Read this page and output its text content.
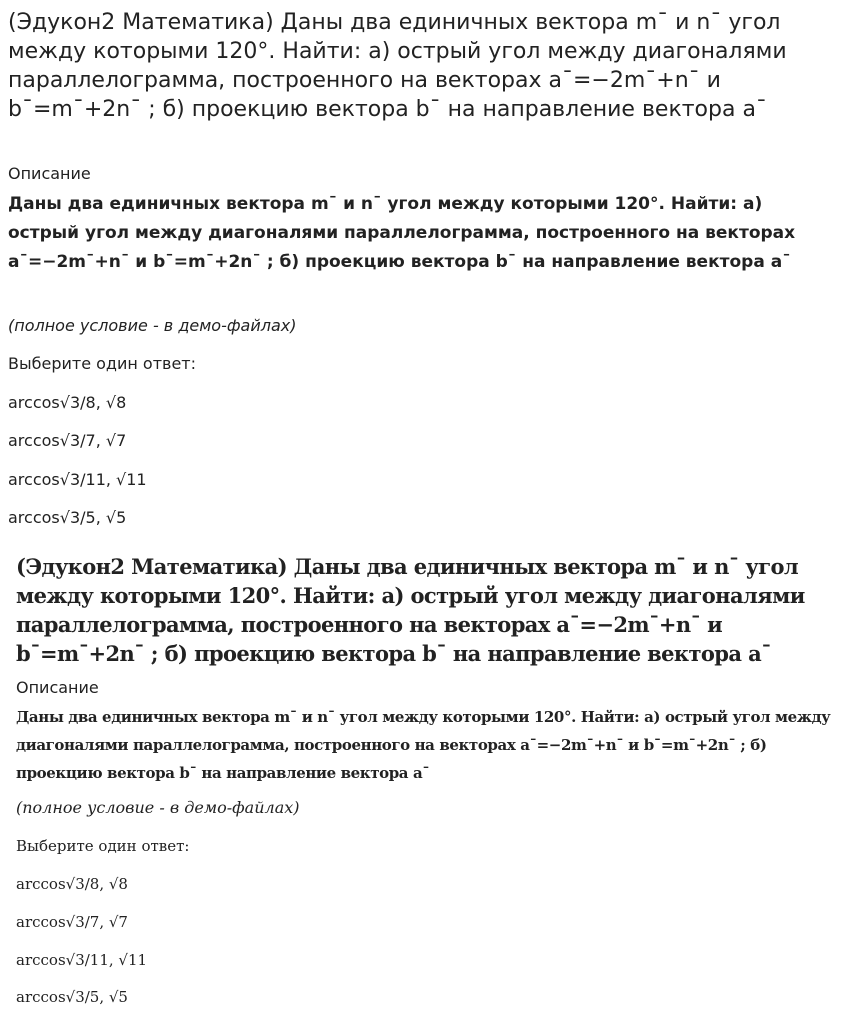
(Эдукон2 Математика) Даны два единичных вектора m¯ и n¯ угол между которыми 120°. Найти: а) острый угол между диагоналями параллелограмма, построенного на векторах a¯=−2m¯+n¯ и b¯=m¯+2n¯ ; б) проекцию вектора b¯ на направление вектора a¯
Описание

Даны два единичных вектора m¯ и n¯ угол между которыми 120°. Найти: а) острый угол между диагоналями параллелограмма, построенного на векторах a¯=−2m¯+n¯ и b¯=m¯+2n¯ ; б) проекцию вектора b¯ на направление вектора a¯

(полное условие - в демо-файлах)
Выберите один ответ:
arccos√3/8, √8
arccos√3/7, √7
arccos√3/11, √11
arccos√3/5, √5
(Эдукон2 Математика) Даны два единичных вектора m¯ и n¯ угол между которыми 120°. Найти: а) острый угол между диагоналями параллелограмма, построенного на векторах a¯=−2m¯+n¯ и b¯=m¯+2n¯ ; б) проекцию вектора b¯ на направление вектора a¯
Описание

Даны два единичных вектора m¯ и n¯ угол между которыми 120°. Найти: а) острый угол между диагоналями параллелограмма, построенного на векторах a¯=−2m¯+n¯ и b¯=m¯+2n¯ ; б) проекцию вектора b¯ на направление вектора a¯

(полное условие - в демо-файлах)
Выберите один ответ:
arccos√3/8, √8
arccos√3/7, √7
arccos√3/11, √11
arccos√3/5, √5
